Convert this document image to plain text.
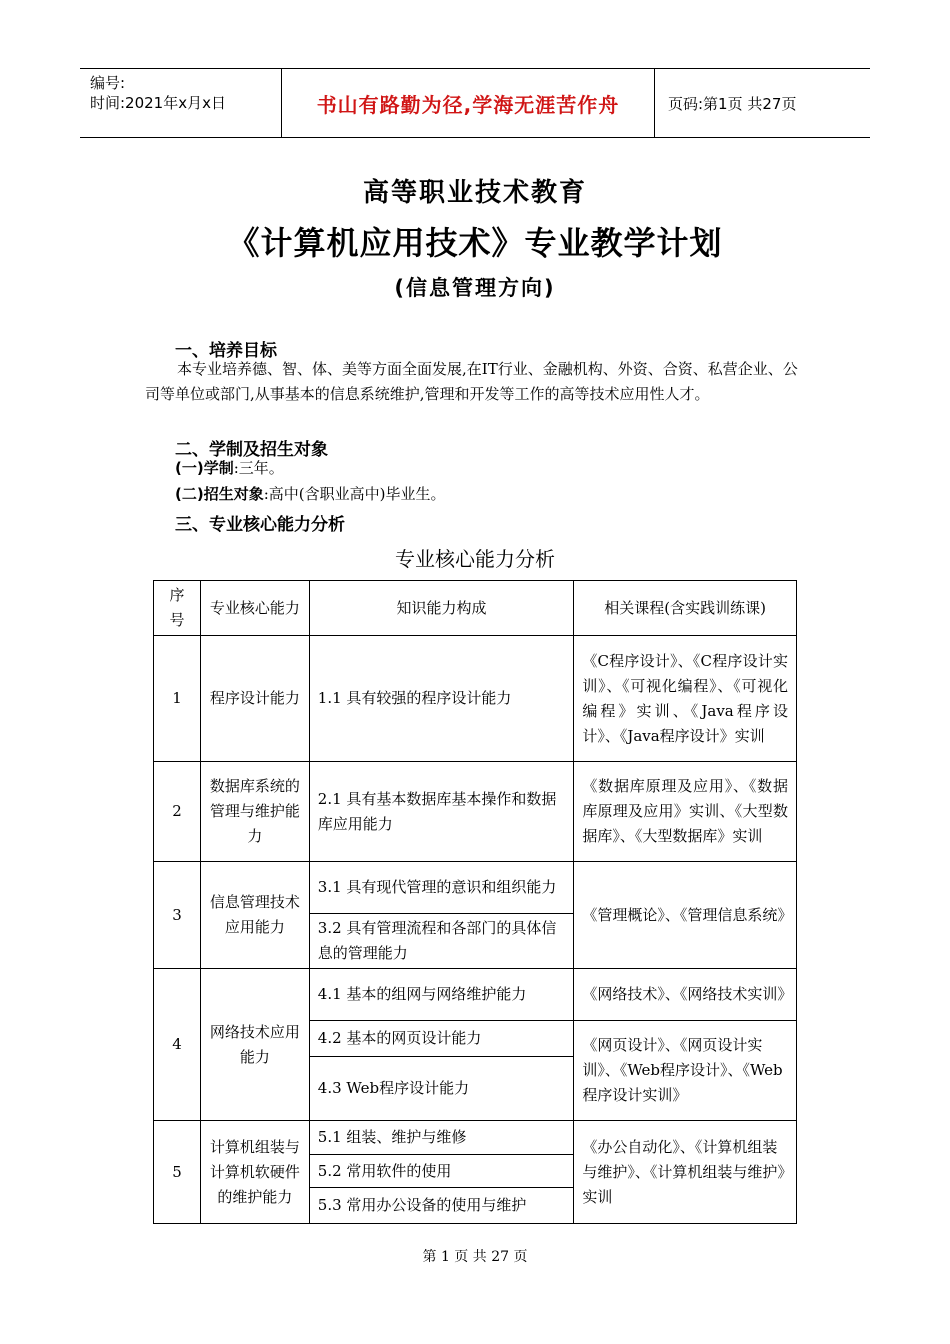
编号:
时间:2021年x月x日	书山有路勤为径,学海无涯苦作舟	页码:第1页 共27页
高等职业技术教育
《计算机应用技术》专业教学计划
(信息管理方向)
一、培养目标
本专业培养德、智、体、美等方面全面发展,在IT行业、金融机构、外资、合资、私营企业、公司等单位或部门,从事基本的信息系统维护,管理和开发等工作的高等技术应用性人才。
二、学制及招生对象
(一)学制:三年。
(二)招生对象:高中(含职业高中)毕业生。
三、专业核心能力分析
专业核心能力分析
序号	专业核心能力	知识能力构成	相关课程(含实践训练课)
1	程序设计能力	1.1 具有较强的程序设计能力	《C程序设计》、《C程序设计实训》、《可视化编程》、《可视化编程》实训、《Java程序设计》、《Java程序设计》实训
2	数据库系统的管理与维护能力	2.1 具有基本数据库基本操作和数据库应用能力	《数据库原理及应用》、《数据库原理及应用》实训、《大型数据库》、《大型数据库》实训
3	信息管理技术应用能力	3.1 具有现代管理的意识和组织能力	《管理概论》、《管理信息系统》
		3.2 具有管理流程和各部门的具体信息的管理能力	
4	网络技术应用能力	4.1 基本的组网与网络维护能力	《网络技术》、《网络技术实训》
		4.2 基本的网页设计能力	《网页设计》、《网页设计实训》、《Web程序设计》、《Web程序设计实训》
		4.3 Web程序设计能力	
5	计算机组装与计算机软硬件的维护能力	5.1 组装、维护与维修	《办公自动化》、《计算机组装与维护》、《计算机组装与维护》实训
		5.2 常用软件的使用	
		5.3 常用办公设备的使用与维护	
第 1 页 共 27 页
